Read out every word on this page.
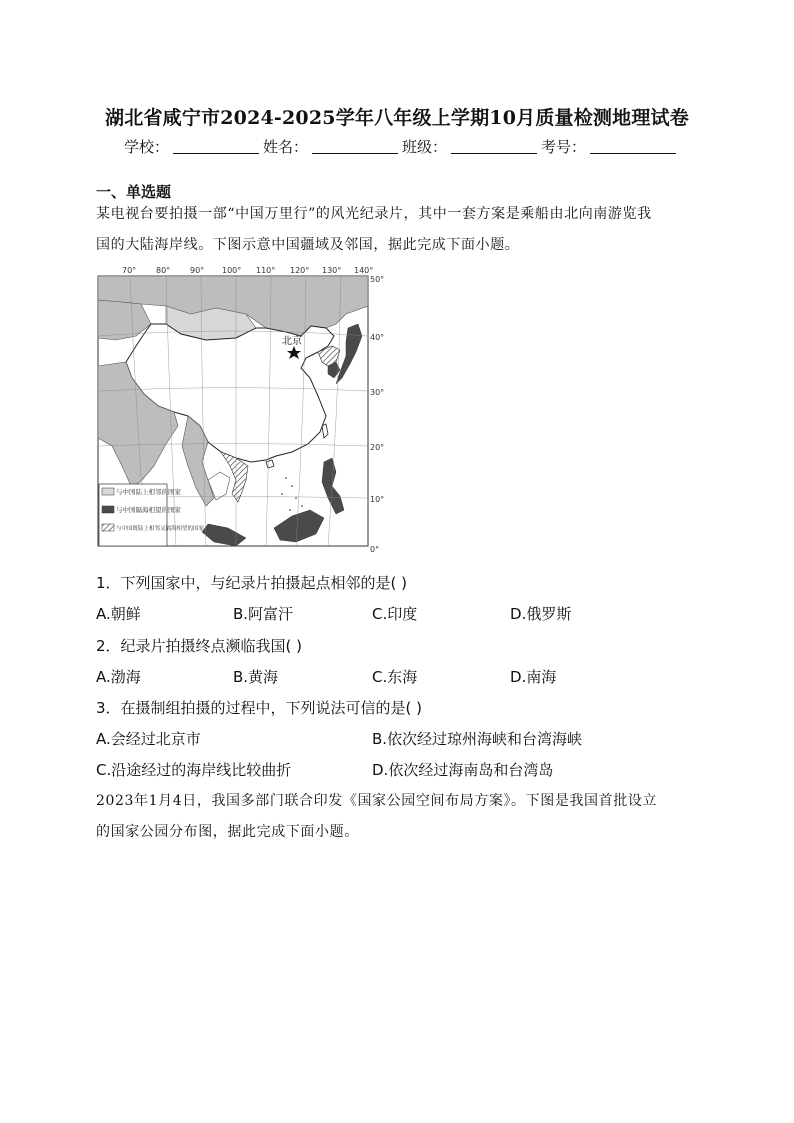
湖北省咸宁市2024-2025学年八年级上学期10月质量检测地理试卷
学校：	姓名：	班级：	考号：
一、单选题
某电视台要拍摄一部“中国万里行”的风光纪录片，其中一套方案是乘船由北向南游览我
国的大陆海岸线。下图示意中国疆域及邻国，据此完成下面小题。
北京
70° 80° 90° 100° 110° 120° 130° 140°
50°
40°
30°
20°
10°
0°
与中国陆上相邻的国家
与中国隔海相望的国家
与中国既陆上相邻又隔海相望的国家
1．下列国家中，与纪录片拍摄起点相邻的是( )
A.朝鲜	B.阿富汗	C.印度	D.俄罗斯
2．纪录片拍摄终点濒临我国( )
A.渤海	B.黄海	C.东海	D.南海
3．在摄制组拍摄的过程中，下列说法可信的是( )
A.会经过北京市	B.依次经过琼州海峡和台湾海峡
C.沿途经过的海岸线比较曲折	D.依次经过海南岛和台湾岛
2023年1月4日，我国多部门联合印发《国家公园空间布局方案》。下图是我国首批设立
的国家公园分布图，据此完成下面小题。
